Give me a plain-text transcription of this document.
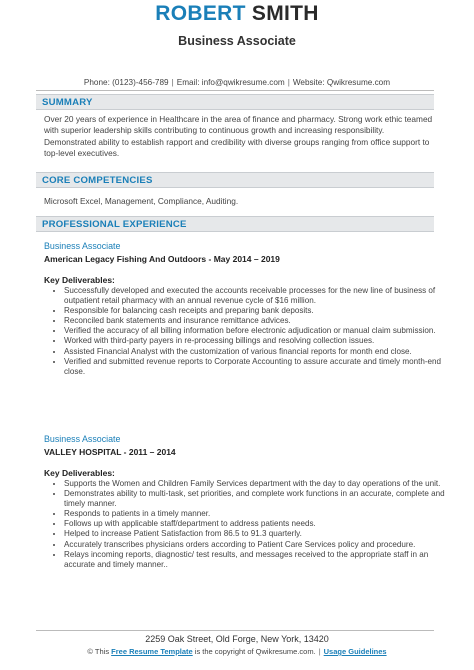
ROBERT SMITH
Business Associate
Phone: (0123)-456-789 | Email: info@qwikresume.com | Website: Qwikresume.com
SUMMARY
Over 20 years of experience in Healthcare in the area of finance and pharmacy. Strong work ethic teamed with superior leadership skills contributing to continuous growth and increasing responsibility. Demonstrated ability to establish rapport and credibility with diverse groups ranging from office support to top-level executives.
CORE COMPETENCIES
Microsoft Excel, Management, Compliance, Auditing.
PROFESSIONAL EXPERIENCE
Business Associate
American Legacy Fishing And Outdoors - May 2014 – 2019
Key Deliverables:
• Successfully developed and executed the accounts receivable processes for the new line of business of outpatient retail pharmacy with an annual revenue cycle of $16 million.
• Responsible for balancing cash receipts and preparing bank deposits.
• Reconciled bank statements and insurance remittance advices.
• Verified the accuracy of all billing information before electronic adjudication or manual claim submission.
• Worked with third-party payers in re-processing billings and resolving collection issues.
• Assisted Financial Analyst with the customization of various financial reports for month end close.
• Verified and submitted revenue reports to Corporate Accounting to assure accurate and timely month-end close.
Business Associate
VALLEY HOSPITAL - 2011 – 2014
Key Deliverables:
• Supports the Women and Children Family Services department with the day to day operations of the unit.
• Demonstrates ability to multi-task, set priorities, and complete work functions in an accurate, complete and timely manner.
• Responds to patients in a timely manner.
• Follows up with applicable staff/department to address patients needs.
• Helped to increase Patient Satisfaction from 86.5 to 91.3 quarterly.
• Accurately transcribes physicians orders according to Patient Care Services policy and procedure.
• Relays incoming reports, diagnostic/ test results, and messages received to the appropriate staff in an accurate and timely manner..
2259 Oak Street, Old Forge, New York, 13420
© This Free Resume Template is the copyright of Qwikresume.com. | Usage Guidelines
